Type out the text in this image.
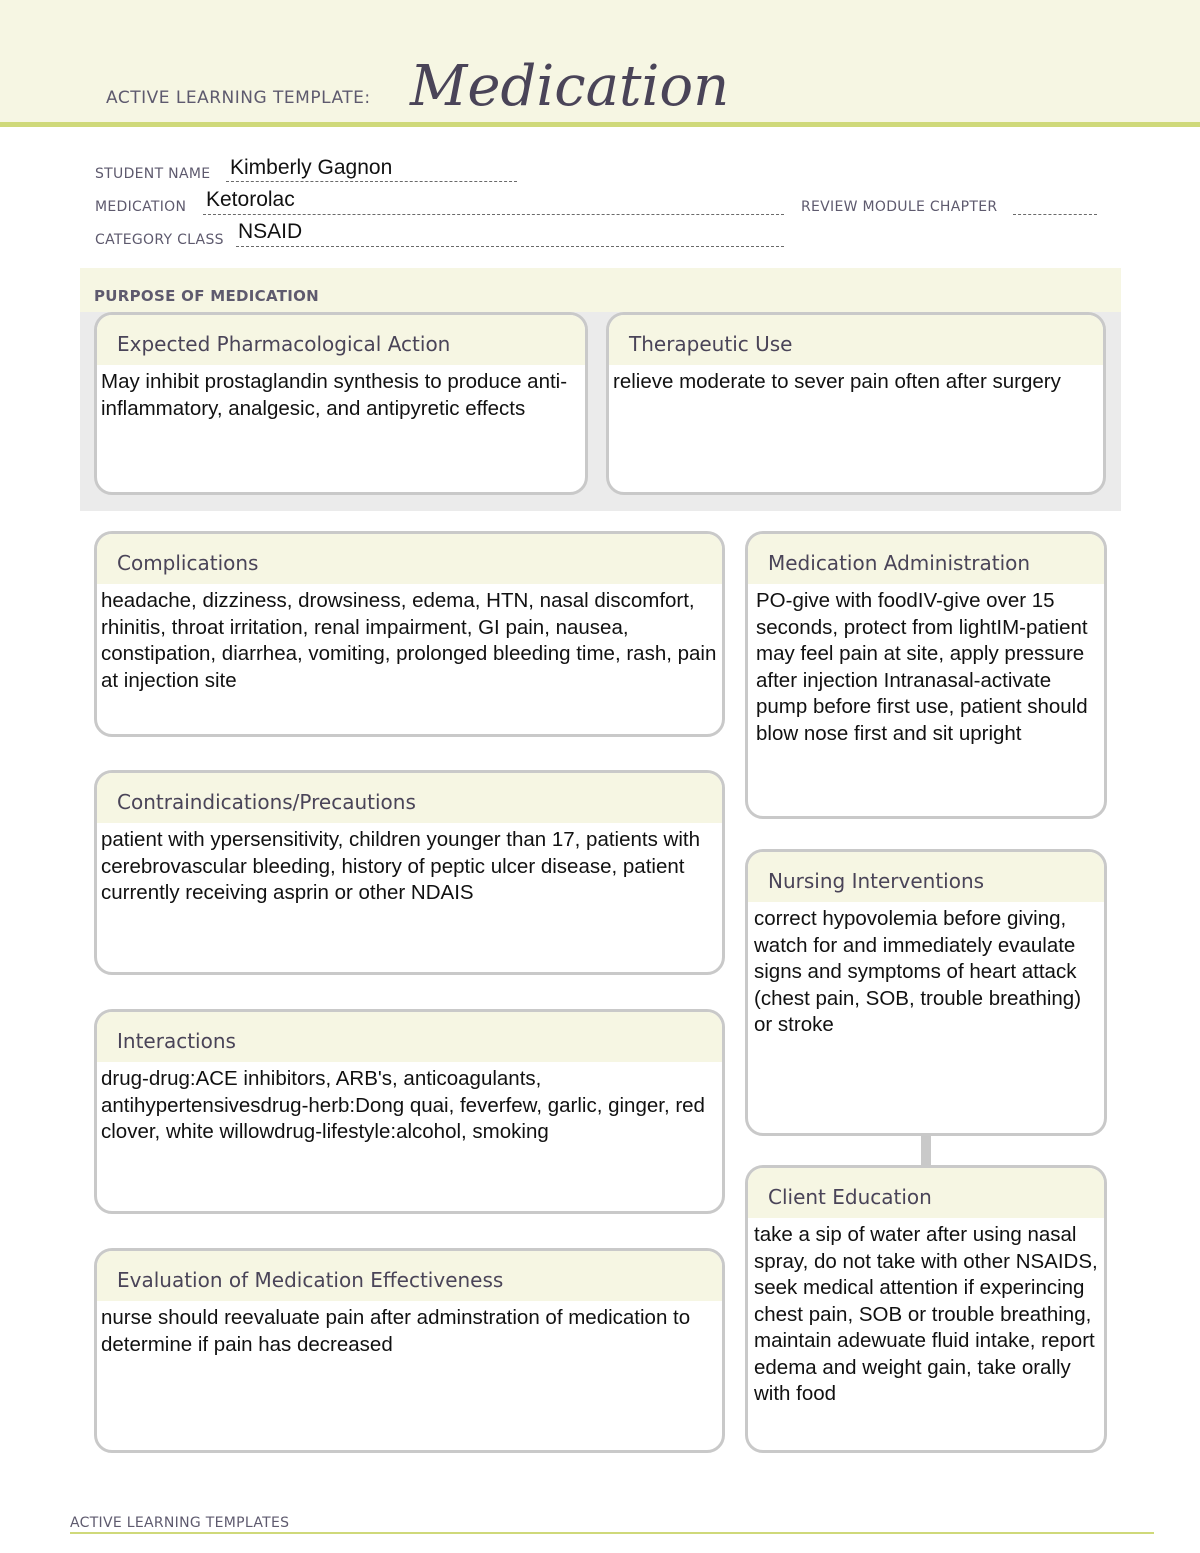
ACTIVE LEARNING TEMPLATE: Medication
STUDENT NAME Kimberly Gagnon
MEDICATION Ketorolac	REVIEW MODULE CHAPTER
CATEGORY CLASS NSAID
PURPOSE OF MEDICATION
Expected Pharmacological Action
May inhibit prostaglandin synthesis to produce anti-inflammatory, analgesic, and antipyretic effects
Therapeutic Use
relieve moderate to sever pain often after surgery
Complications
headache, dizziness, drowsiness, edema, HTN, nasal discomfort, rhinitis, throat irritation, renal impairment, GI pain, nausea, constipation, diarrhea, vomiting, prolonged bleeding time, rash, pain at injection site
Contraindications/Precautions
patient with ypersensitivity, children younger than 17, patients with cerebrovascular bleeding, history of peptic ulcer disease, patient currently receiving asprin or other NDAIS
Interactions
drug-drug:ACE inhibitors, ARB's, anticoagulants, antihypertensivesdrug-herb:Dong quai, feverfew, garlic, ginger, red clover, white willowdrug-lifestyle:alcohol, smoking
Evaluation of Medication Effectiveness
nurse should reevaluate pain after adminstration of medication to determine if pain has decreased
Medication Administration
PO-give with foodIV-give over 15 seconds, protect from lightIM-patient may feel pain at site, apply pressure after injection Intranasal-activate pump before first use, patient should blow nose first and sit upright
Nursing Interventions
correct hypovolemia before giving, watch for and immediately evaulate signs and symptoms of heart attack (chest pain, SOB, trouble breathing) or stroke
Client Education
take a sip of water after using nasal spray, do not take with other NSAIDS, seek medical attention if experincing chest pain, SOB or trouble breathing, maintain adewuate fluid intake, report edema and weight gain, take orally with food
ACTIVE LEARNING TEMPLATES
